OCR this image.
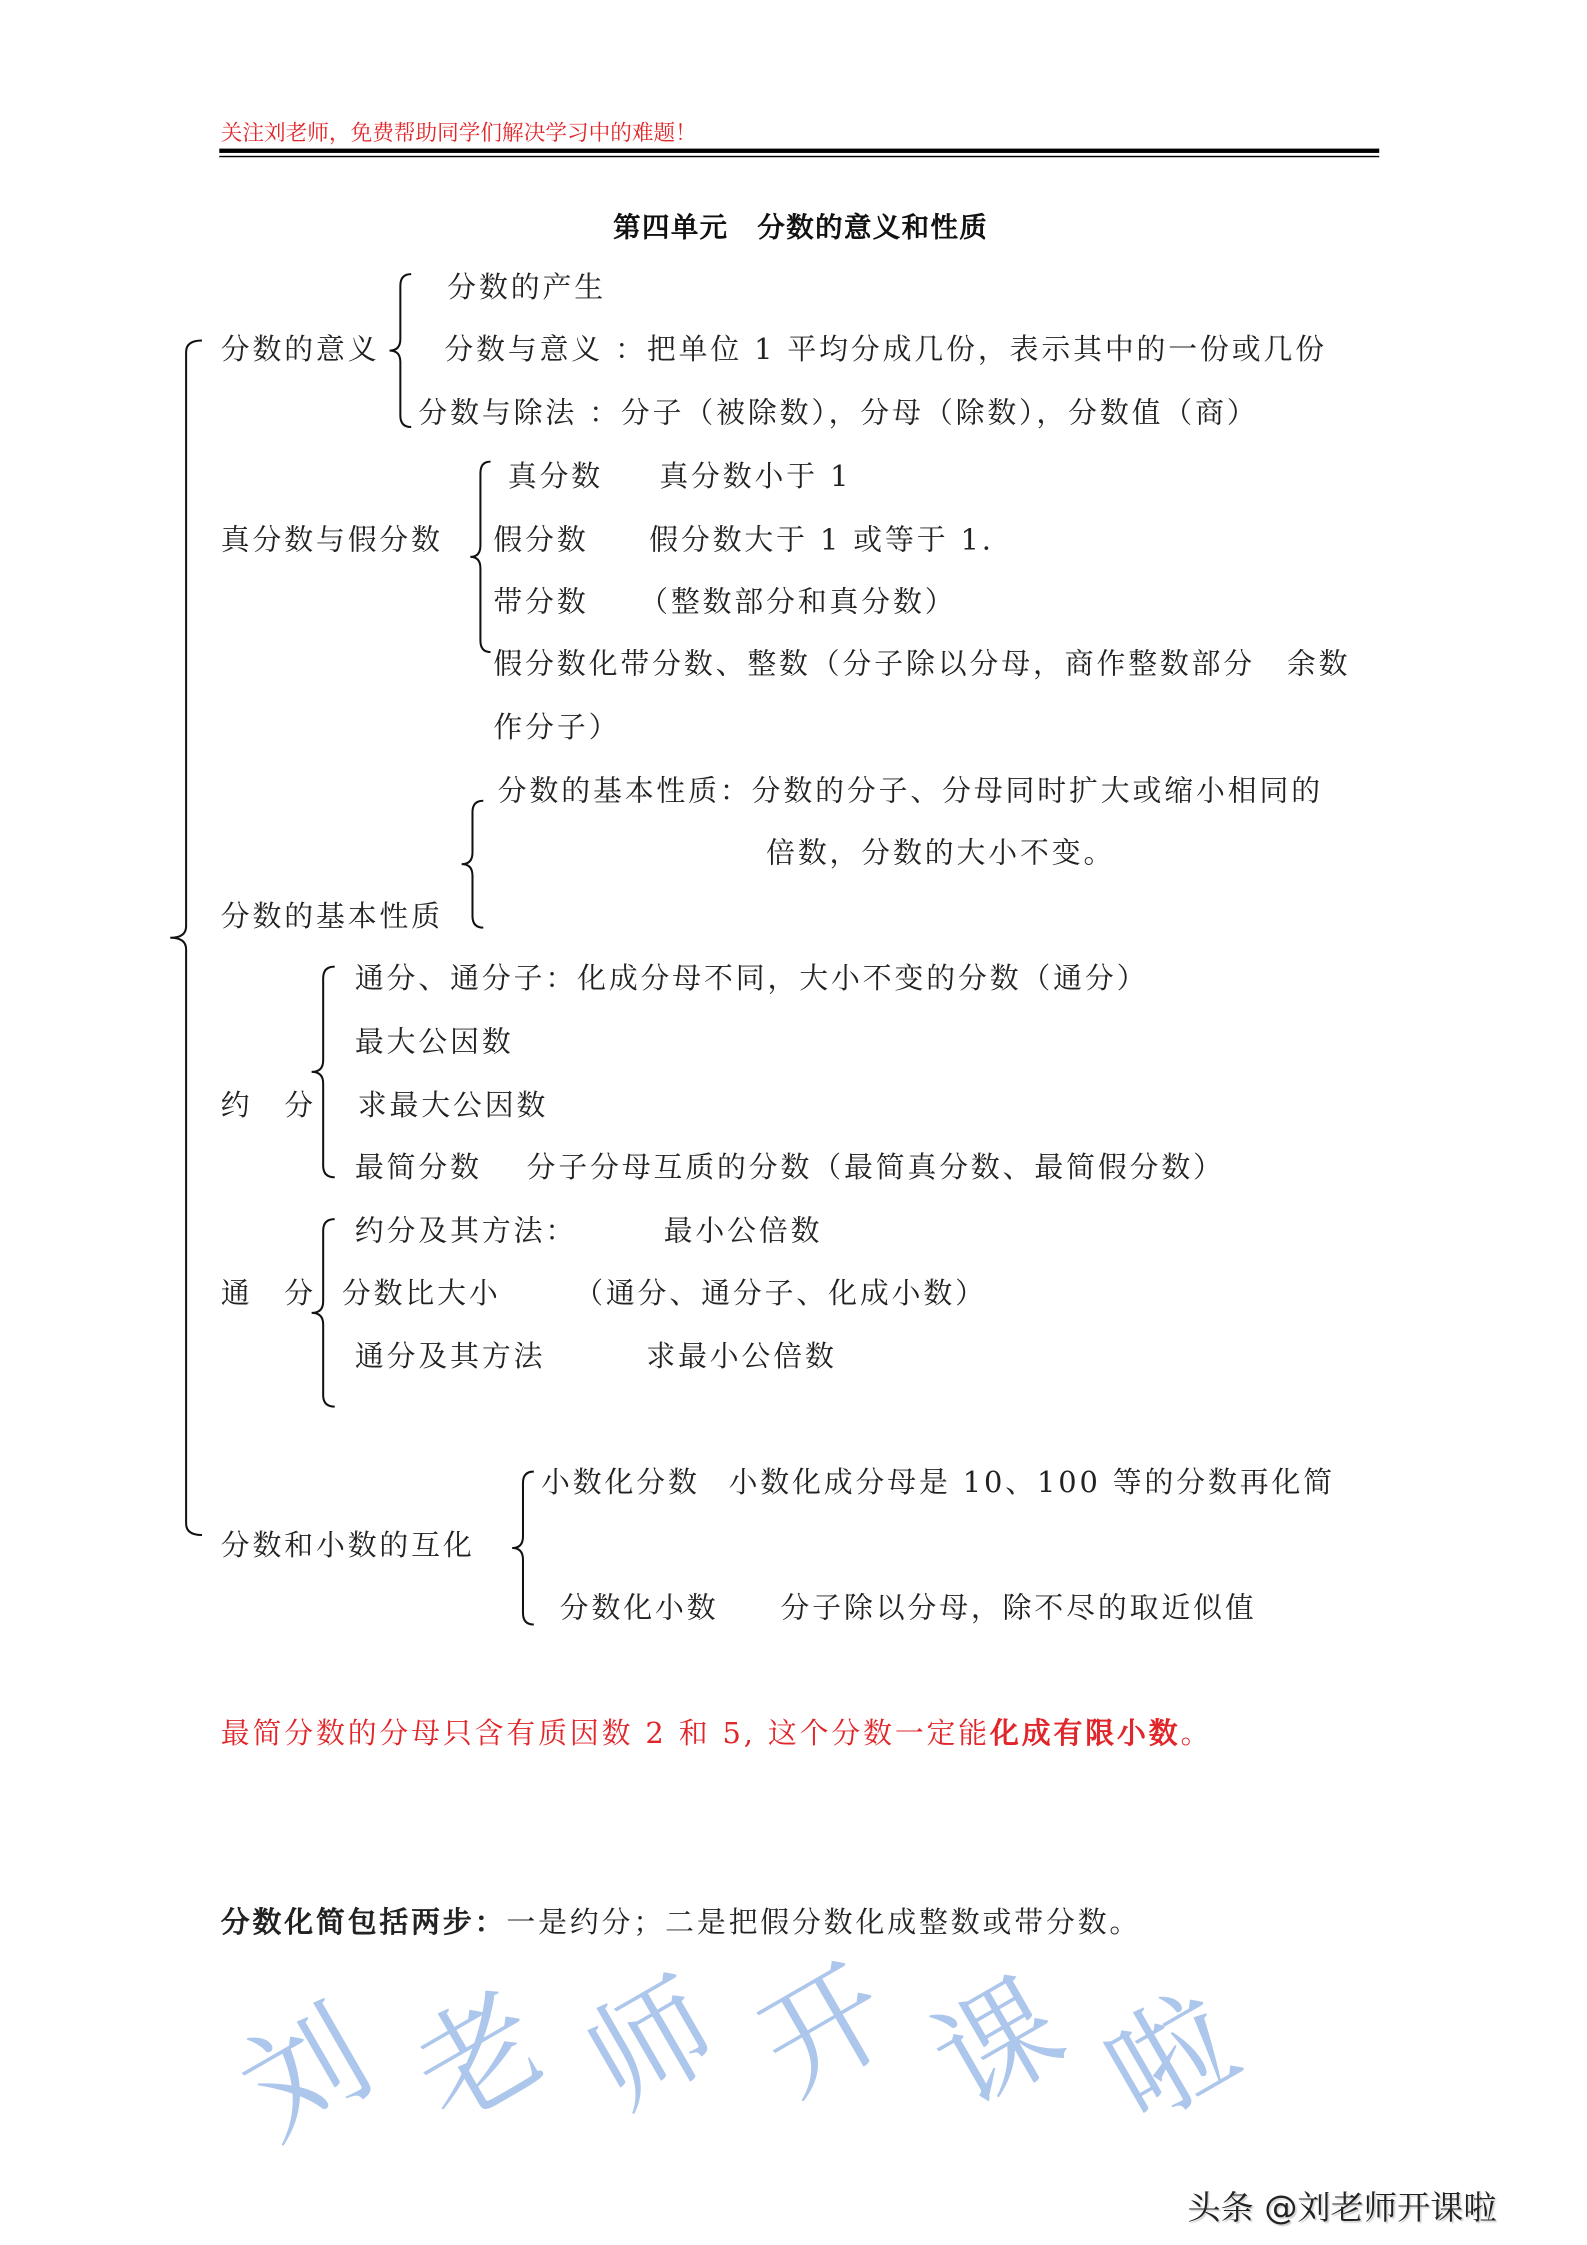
关注刘老师，免费帮助同学们解决学习中的难题！
第四单元　分数的意义和性质
刘
老
师
开
课
啦
分数的意义
分数的产生
分数与意义 ：把单位 1 平均分成几份，表示其中的一份或几份
分数与除法 ：分子（被除数），分母（除数），分数值（商）
真分数与假分数
真分数	真分数小于 1
假分数	假分数大于 1 或等于 1.
带分数	（整数部分和真分数）
假分数化带分数、整数（分子除以分母，商作整数部分　余数
作分子）
分数的基本性质：分数的分子、分母同时扩大或缩小相同的
倍数，分数的大小不变。
分数的基本性质
通分、通分子：化成分母不同，大小不变的分数（通分）
最大公因数
约　分 求最大公因数
最简分数 分子分母互质的分数（最简真分数、最简假分数）
约分及其方法：	最小公倍数
通　分 分数比大小	（通分、通分子、化成小数）
通分及其方法	求最小公倍数
小数化分数 小数化成分母是 10、100 等的分数再化简
分数和小数的互化
分数化小数	分子除以分母，除不尽的取近似值
最简分数的分母只含有质因数 2 和 5, 这个分数一定能化成有限小数。
分数化简包括两步：一是约分；二是把假分数化成整数或带分数。
头条 @刘老师开课啦
